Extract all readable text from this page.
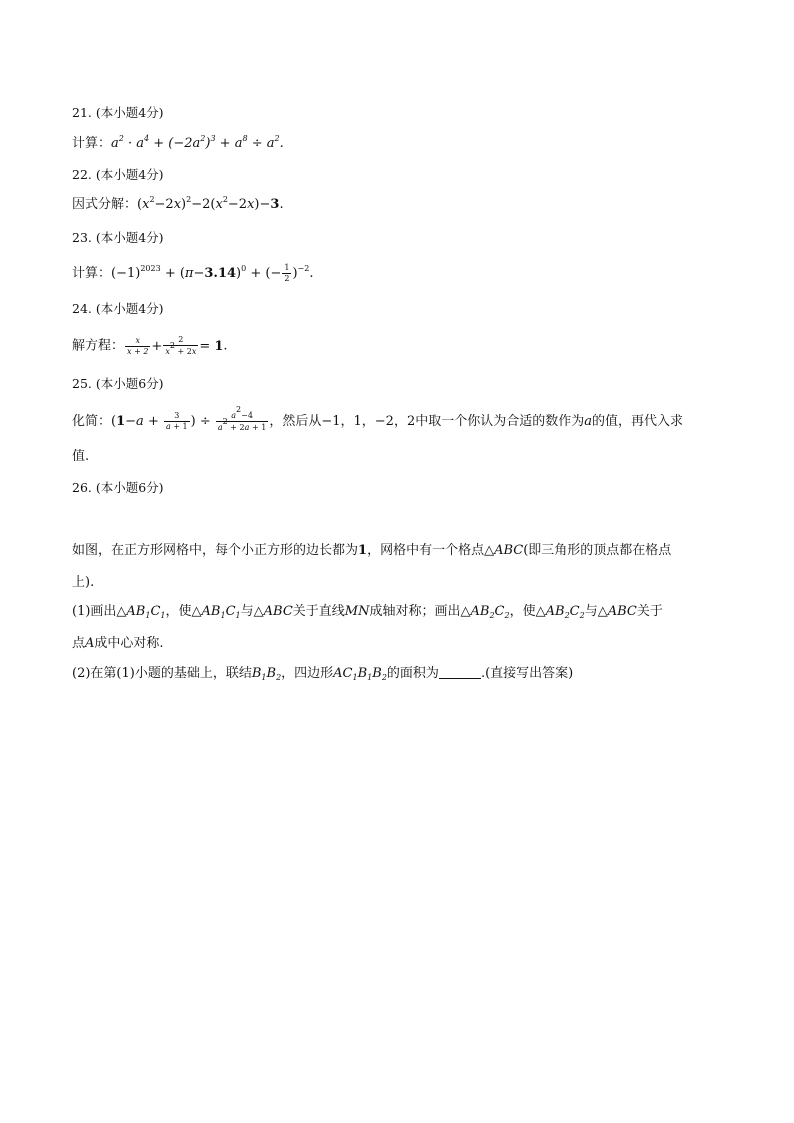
21. (本小题4分)
计算：$a^2 \cdot a^4 + (-2a^2)^3 + a^8 \div a^2$.
22. (本小题4分)
因式分解：$(x^2-2x)^2-2(x^2-2x)-3$.
23. (本小题4分)
计算：$(-1)^{2023} + (\pi-3.14)^0$ + (− $\frac{1}{2} )^{-2}$.
24. (本小题4分)
解方程： $\frac{x}{x + 2} + \frac{2}{x^2 + 2x} = 1$.
25. (本小题6分)
化简：($1-a + \frac{3}{a + 1}$ ) ÷ $\frac{a^2-4}{a^2 + 2a + 1}$ ，然后从−1，1，−2，2中取一个你认为合适的数作为a的值，再代入求
值.
26. (本小题6分)
如图，在正方形网格中，每个小正方形的边长都为1，网格中有一个格点△ABC(即三角形的顶点都在格点
上).
(1)画出$\triangle AB_1C_1$，使$\triangle AB_1C_1$与△ABC关于直线MN成轴对称；画出$\triangle AB_2C_2$，使$\triangle AB_2C_2$与△ABC关于
点A成中心对称.
(2)在第(1)小题的基础上，联结$B_1B_2$，四边形$AC_1B_1B_2$的面积为	.(直接写出答案)
